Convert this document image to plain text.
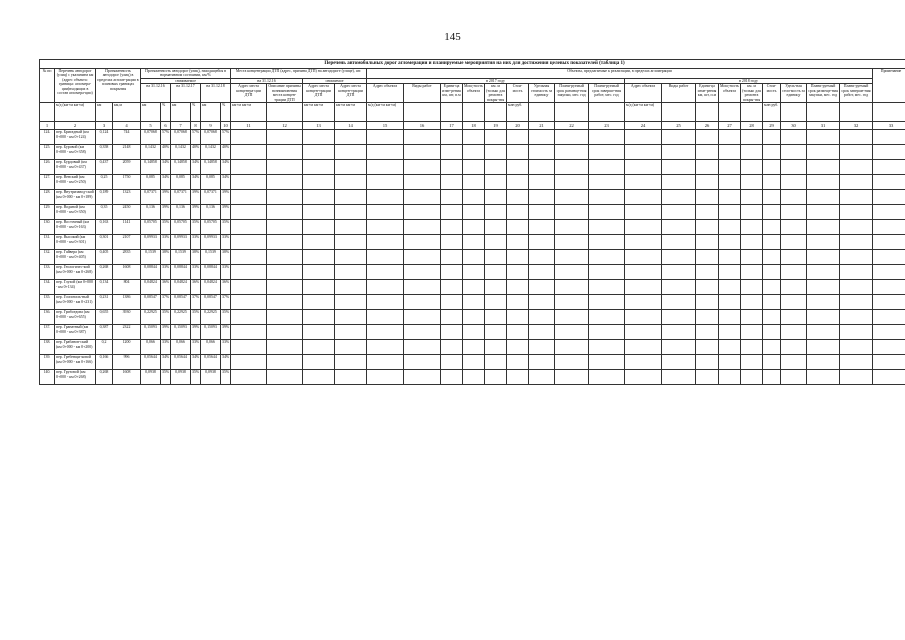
145
Перечень автомобильных дорог агломерации и планируемые мероприятия на них для достижения целевых показателей (таблица 1)																																
№ пп	Перечень автодорог (улиц) с указанием км (адрес объекта: границы: агломера-ции(входящих в состав агломера-ции)	Протяженность автодорог (улиц) в пределах агломе-рации в плановых границах покрытия		Протяженность автодорог (улиц), находящейся в нормативном состоянии, км/%						Места концентрации ДТП (адрес, причина ДТП) на автодороге (улице), шт.				Объекты, предлагаемые к реализации, в пределах агломерации																		Примечание
				сначиваемое						на 31.12.16		снимаемое		в 2017 году									в 2018 году									
				на 31.12.16		на 31.12.17		на 31.12.18		Адрес места концентра-ции ДТП	Описание причины возникновения места концен-трации ДТП	Адрес места концен-трации ДТП	Адрес места концен-трации ДТП	Адрес объекта	Виды работ	Едини-ца изме-рения км, шт, п.м	Мощ-ность объекта	км. м (только для ремонта покры-тия	Стои-мость	Удельная стоимость за единицу	Плани-руемый срок размеще-ния закупки, мес. год	Плани-руемый срок заверше-ния работ, мес. год	Адрес объекта	Виды работ	Едини-ца изме-рения км, шт, п.м	Мощ-ность объекта	км. м (только для ремонта покры-тия	Стои-мость	Удель-ная стои-мость за единицу	Плани-руемый срок размеще-ния закупки, мес. год	Плани-руемый срок заверше-ния работ, мес. год	
	м/д (км+м км+м)	км	км,м	км	%	км	%	км	%	км+м км+м		км+м км+м	км+м км+м	м/д (км+м км+м)					млн руб.				м/д (км+м км+м)					млн руб.				
1	2	3	4	5	6	7	8	9	10	11	12	13	14	15	16	17	18	19	20	21	22	23	24	25	26	27	28	29	30	31	32	33
124.	пер. Бригадный (км 0+000 - км 0+124)	0,124	744	0,07068	57%	0,07068	57%	0,07068	57%																							
125.	пер. Буровой (км 0+000 - км 0+358)	0,358	2148	0,1432	40%	0,1432	40%	0,1432	40%																							
126.	пер. Бурдовый (км 0+000 - км 0+437)	0,437	2059	0,14858	34%	0,14858	34%	0,14858	34%																							
127.	пер. Венский (км 0+000 - км 0+250)	0,25	1750	0,085	34%	0,085	34%	0,085	34%																							
128.	пер. Внутризавод-ской (км 0+000 - км 0+189)	0,189	1323	0,07371	39%	0,07371	39%	0,07371	39%																							
129.	пер. Водяной (км 0+000 - км 0+350)	0,35	2450	0,136	39%	0,136	39%	0,136	39%																							
130.	пер. Восточный (км 0+000 - км 0+163)	0,163	1141	0,05705	35%	0,05705	35%	0,05705	35%																							
131.	пер. Высокий (км 0+000 - км 0+301)	0,301	2107	0,09933	33%	0,09933	33%	0,09933	33%																							
132.	пер. Гайвера (км 0+000 - км 0+405)	0,405	2835	0,1539	38%	0,1539	38%	0,1539	38%																							
133.	пер. Геологичес-кий (км 0+000 - км 0+268)	0,268	1608	0,08844	33%	0,08844	33%	0,08844	33%																							
134.	пер. Глухой (км 0+000 - км 0+134)	0,134	804	0,04824	36%	0,04824	36%	0,04824	36%																							
135.	пер. Госпиталь-ный (км 0+000 - км 0+231)	0,231	1386	0,08547	37%	0,08547	37%	0,08547	37%																							
136.	пер. Грибоедова (км 0+000 - км 0+655)	0,655	3930	0,22925	35%	0,22925	35%	0,22925	35%																							
137.	пер. Гранатный (км 0+000 - км 0+387)	0,387	2322	0,15093	39%	0,15093	39%	0,15093	39%																							
138.	пер. Грабанов-ский (км 0+000 - км 0+200)	0,2	1200	0,066	33%	0,066	33%	0,066	33%																							
139.	пер. Гребенщи-ковой (км 0+000 - км 0+166)	0,166	996	0,05644	34%	0,05644	34%	0,05644	34%																							
140.	пер. Грузовой (км 0+000 - км 0+268)	0,268	1608	0,0938	35%	0,0938	35%	0,0938	35%																							
